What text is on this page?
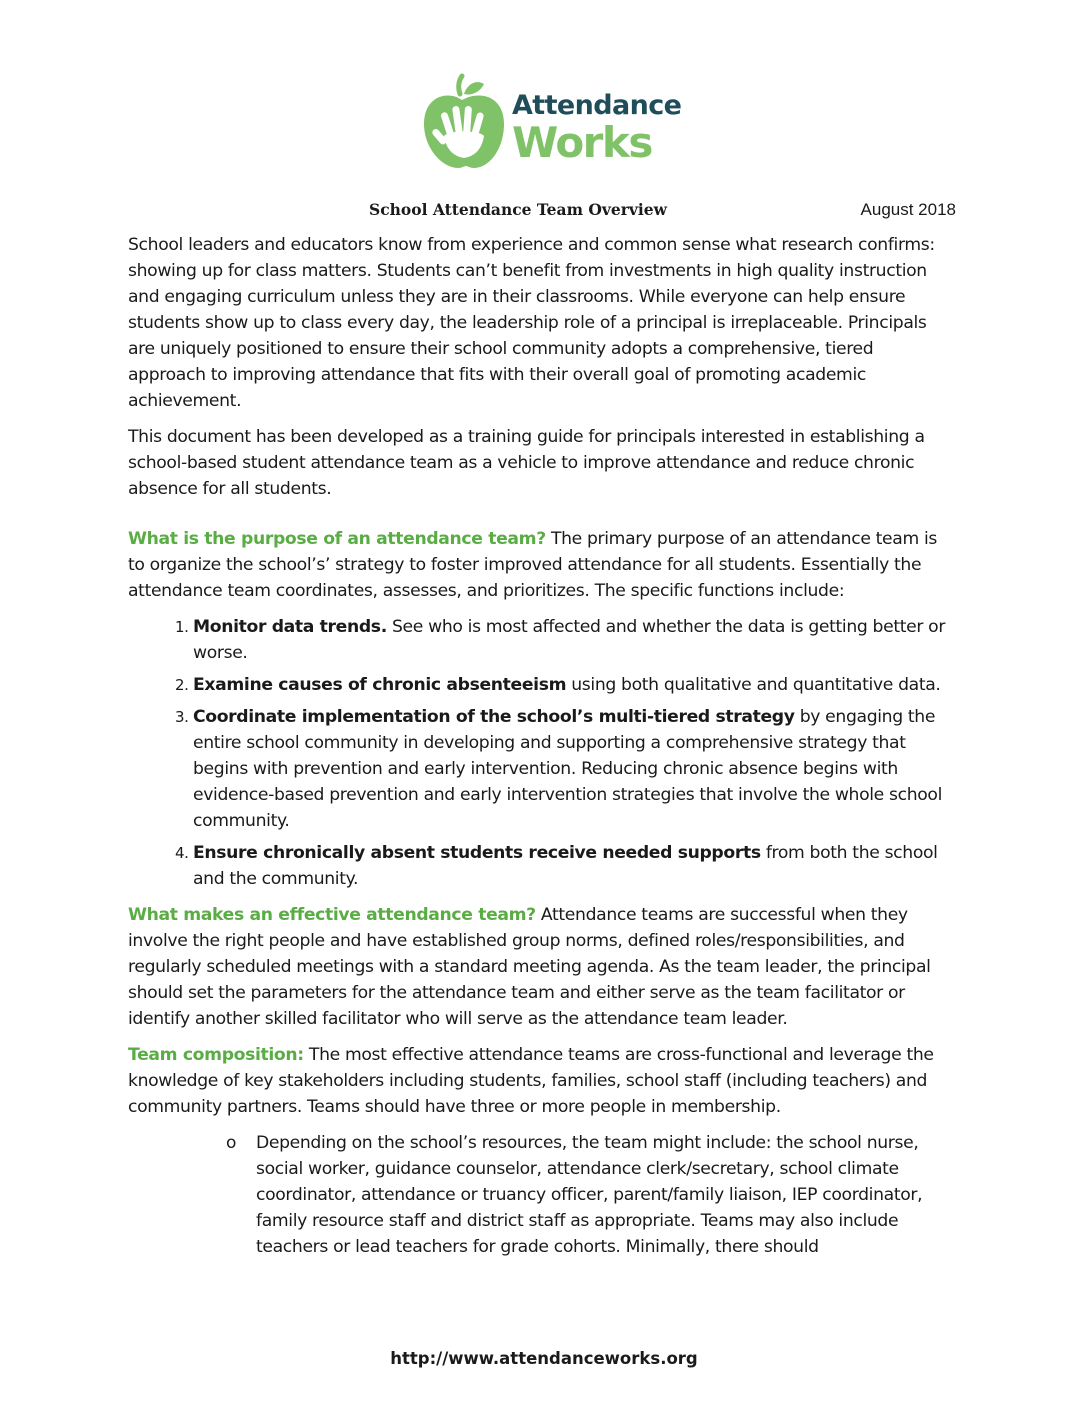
Attendance
Works
School Attendance Team Overview	August 2018

School leaders and educators know from experience and common sense what research confirms: showing up for class matters. Students can’t benefit from investments in high quality instruction and engaging curriculum unless they are in their classrooms. While everyone can help ensure students show up to class every day, the leadership role of a principal is irreplaceable. Principals are uniquely positioned to ensure their school community adopts a comprehensive, tiered approach to improving attendance that fits with their overall goal of promoting academic achievement.

This document has been developed as a training guide for principals interested in establishing a school-based student attendance team as a vehicle to improve attendance and reduce chronic absence for all students.

What is the purpose of an attendance team? The primary purpose of an attendance team is to organize the school’s’ strategy to foster improved attendance for all students. Essentially the attendance team coordinates, assesses, and prioritizes. The specific functions include:

1. Monitor data trends. See who is most affected and whether the data is getting better or worse.
2. Examine causes of chronic absenteeism using both qualitative and quantitative data.
3. Coordinate implementation of the school’s multi-tiered strategy by engaging the entire school community in developing and supporting a comprehensive strategy that begins with prevention and early intervention. Reducing chronic absence begins with evidence-based prevention and early intervention strategies that involve the whole school community.
4. Ensure chronically absent students receive needed supports from both the school and the community.

What makes an effective attendance team? Attendance teams are successful when they involve the right people and have established group norms, defined roles/responsibilities, and regularly scheduled meetings with a standard meeting agenda. As the team leader, the principal should set the parameters for the attendance team and either serve as the team facilitator or identify another skilled facilitator who will serve as the attendance team leader.

Team composition: The most effective attendance teams are cross-functional and leverage the knowledge of key stakeholders including students, families, school staff (including teachers) and community partners. Teams should have three or more people in membership.

o Depending on the school’s resources, the team might include: the school nurse, social worker, guidance counselor, attendance clerk/secretary, school climate coordinator, attendance or truancy officer, parent/family liaison, IEP coordinator, family resource staff and district staff as appropriate. Teams may also include teachers or lead teachers for grade cohorts. Minimally, there should
http://www.attendanceworks.org
